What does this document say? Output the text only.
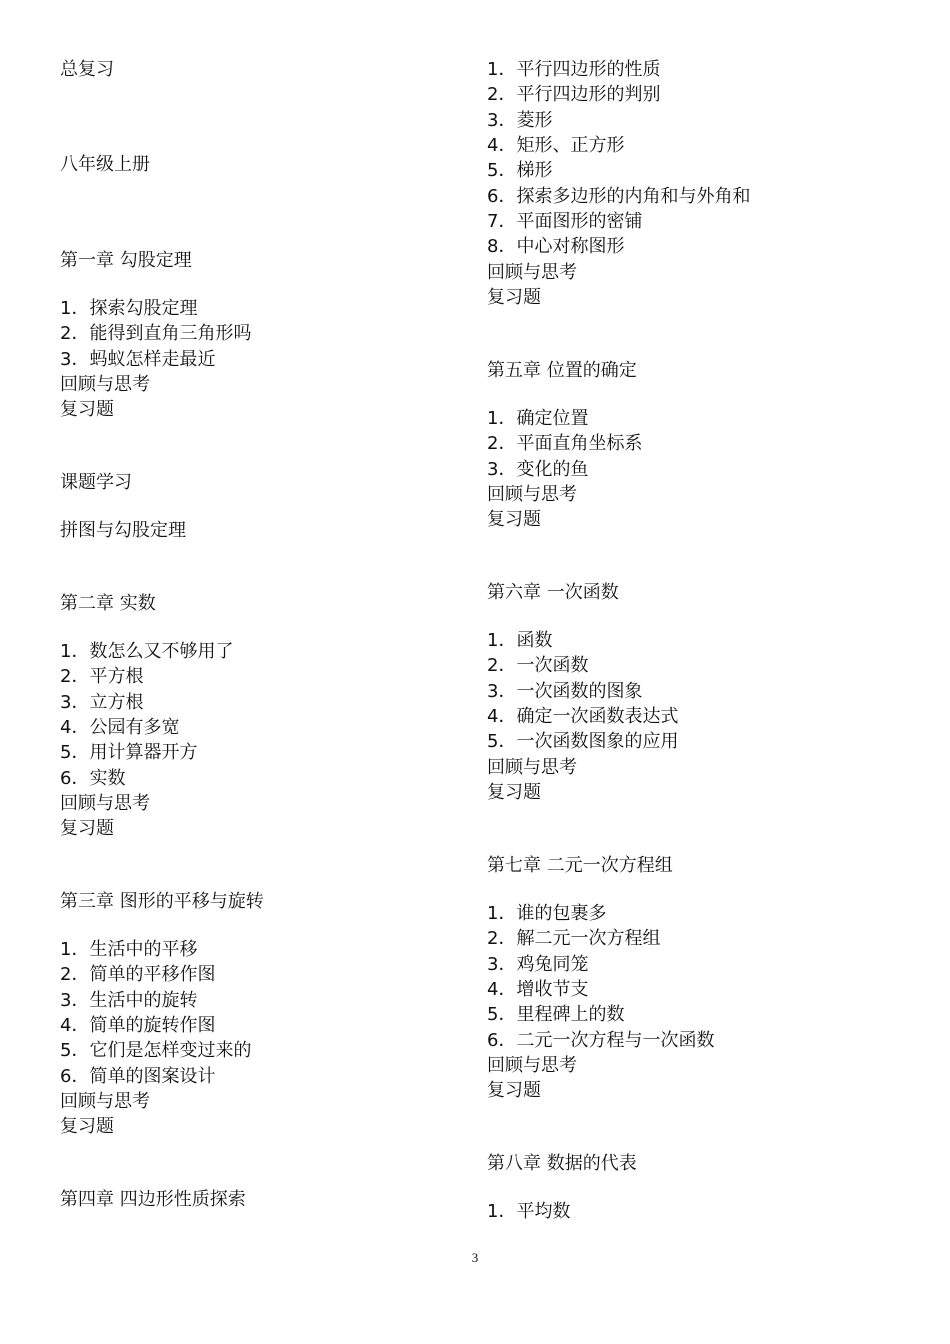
总复习
八年级上册
第一章 勾股定理
1．探索勾股定理
2．能得到直角三角形吗
3．蚂蚁怎样走最近
回顾与思考
复习题
课题学习
拼图与勾股定理
第二章 实数
1．数怎么又不够用了
2．平方根
3．立方根
4．公园有多宽
5．用计算器开方
6．实数
回顾与思考
复习题
第三章 图形的平移与旋转
1．生活中的平移
2．简单的平移作图
3．生活中的旋转
4．简单的旋转作图
5．它们是怎样变过来的
6．简单的图案设计
回顾与思考
复习题
第四章 四边形性质探索
1．平行四边形的性质
2．平行四边形的判别
3．菱形
4．矩形、正方形
5．梯形
6．探索多边形的内角和与外角和
7．平面图形的密铺
8．中心对称图形
回顾与思考
复习题
第五章 位置的确定
1．确定位置
2．平面直角坐标系
3．变化的鱼
回顾与思考
复习题
第六章 一次函数
1．函数
2．一次函数
3．一次函数的图象
4．确定一次函数表达式
5．一次函数图象的应用
回顾与思考
复习题
第七章 二元一次方程组
1．谁的包裹多
2．解二元一次方程组
3．鸡兔同笼
4．增收节支
5．里程碑上的数
6．二元一次方程与一次函数
回顾与思考
复习题
第八章 数据的代表
1．平均数
3
